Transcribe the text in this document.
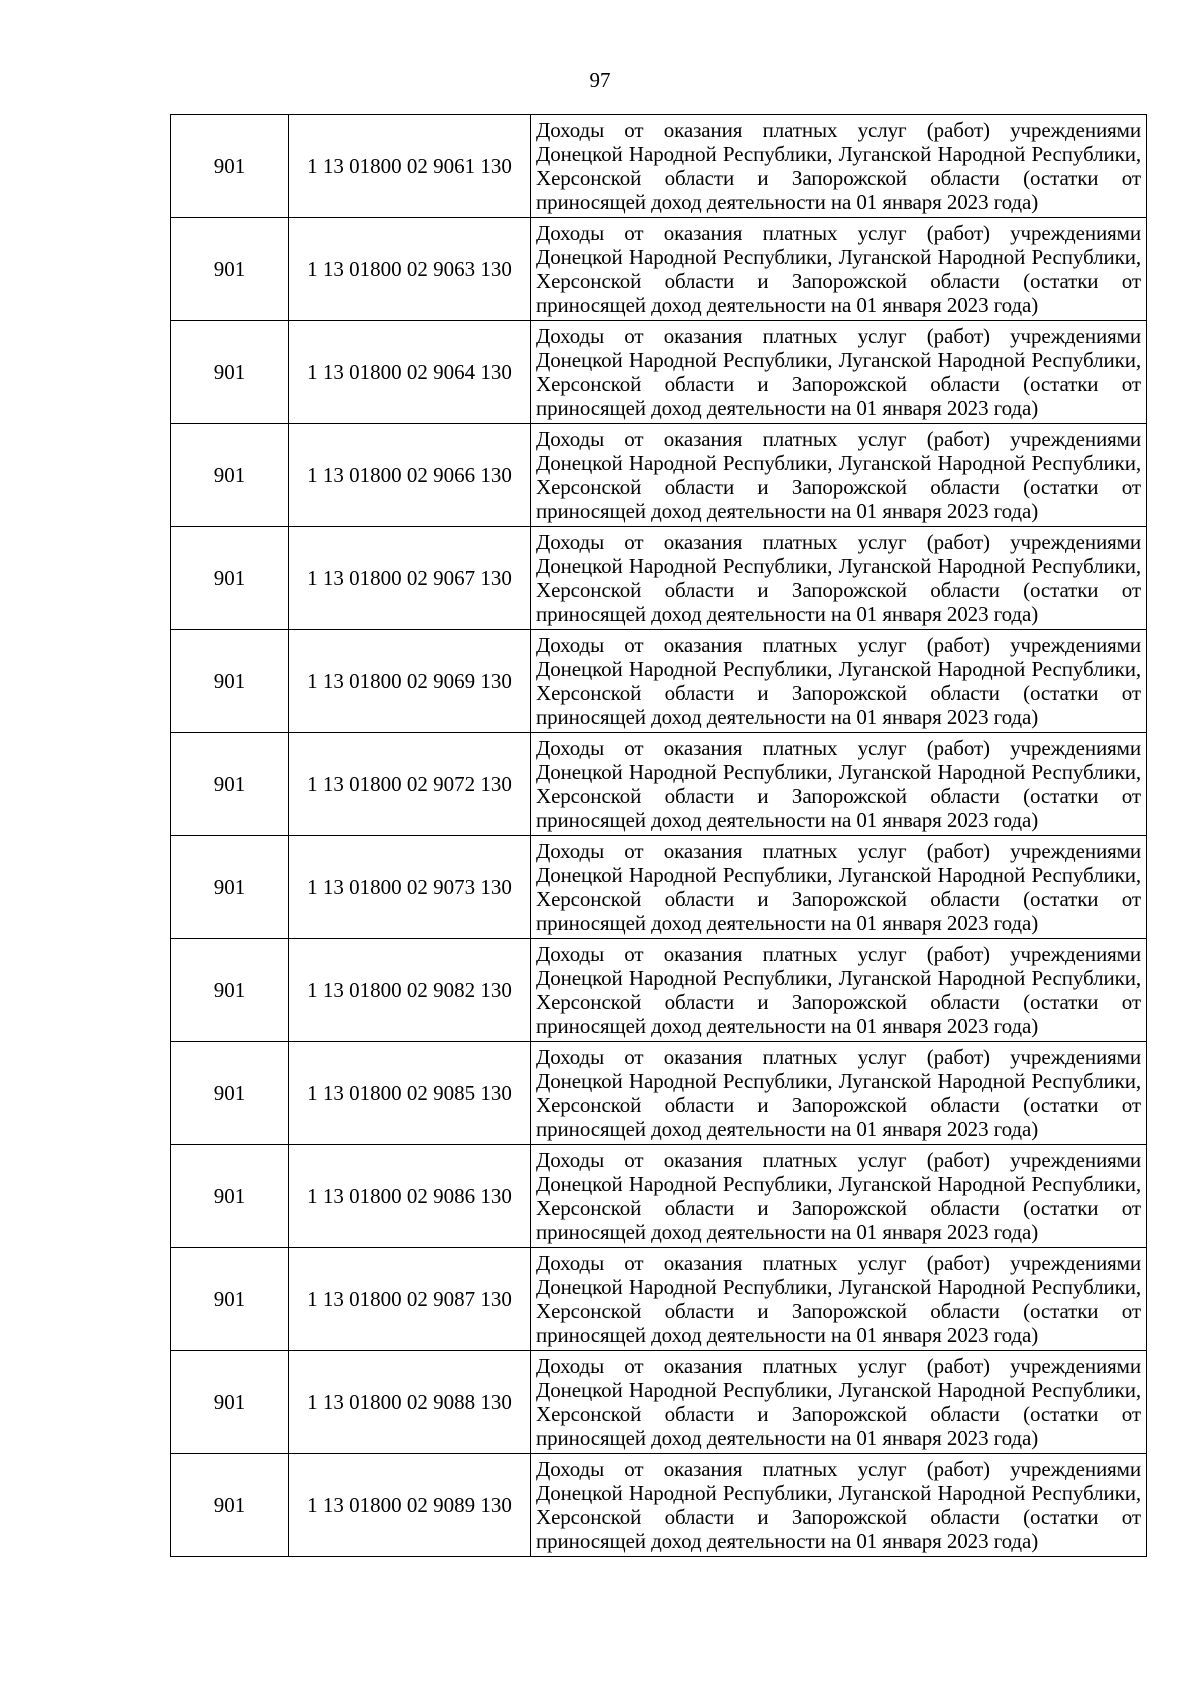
97
901	1 13 01800 02 9061 130	Доходы от оказания платных услуг (работ) учреждениями Донецкой Народной Республики, Луганской Народной Республики, Херсонской области и Запорожской области (остатки от приносящей доход деятельности на 01 января 2023 года)
901	1 13 01800 02 9063 130	Доходы от оказания платных услуг (работ) учреждениями Донецкой Народной Республики, Луганской Народной Республики, Херсонской области и Запорожской области (остатки от приносящей доход деятельности на 01 января 2023 года)
901	1 13 01800 02 9064 130	Доходы от оказания платных услуг (работ) учреждениями Донецкой Народной Республики, Луганской Народной Республики, Херсонской области и Запорожской области (остатки от приносящей доход деятельности на 01 января 2023 года)
901	1 13 01800 02 9066 130	Доходы от оказания платных услуг (работ) учреждениями Донецкой Народной Республики, Луганской Народной Республики, Херсонской области и Запорожской области (остатки от приносящей доход деятельности на 01 января 2023 года)
901	1 13 01800 02 9067 130	Доходы от оказания платных услуг (работ) учреждениями Донецкой Народной Республики, Луганской Народной Республики, Херсонской области и Запорожской области (остатки от приносящей доход деятельности на 01 января 2023 года)
901	1 13 01800 02 9069 130	Доходы от оказания платных услуг (работ) учреждениями Донецкой Народной Республики, Луганской Народной Республики, Херсонской области и Запорожской области (остатки от приносящей доход деятельности на 01 января 2023 года)
901	1 13 01800 02 9072 130	Доходы от оказания платных услуг (работ) учреждениями Донецкой Народной Республики, Луганской Народной Республики, Херсонской области и Запорожской области (остатки от приносящей доход деятельности на 01 января 2023 года)
901	1 13 01800 02 9073 130	Доходы от оказания платных услуг (работ) учреждениями Донецкой Народной Республики, Луганской Народной Республики, Херсонской области и Запорожской области (остатки от приносящей доход деятельности на 01 января 2023 года)
901	1 13 01800 02 9082 130	Доходы от оказания платных услуг (работ) учреждениями Донецкой Народной Республики, Луганской Народной Республики, Херсонской области и Запорожской области (остатки от приносящей доход деятельности на 01 января 2023 года)
901	1 13 01800 02 9085 130	Доходы от оказания платных услуг (работ) учреждениями Донецкой Народной Республики, Луганской Народной Республики, Херсонской области и Запорожской области (остатки от приносящей доход деятельности на 01 января 2023 года)
901	1 13 01800 02 9086 130	Доходы от оказания платных услуг (работ) учреждениями Донецкой Народной Республики, Луганской Народной Республики, Херсонской области и Запорожской области (остатки от приносящей доход деятельности на 01 января 2023 года)
901	1 13 01800 02 9087 130	Доходы от оказания платных услуг (работ) учреждениями Донецкой Народной Республики, Луганской Народной Республики, Херсонской области и Запорожской области (остатки от приносящей доход деятельности на 01 января 2023 года)
901	1 13 01800 02 9088 130	Доходы от оказания платных услуг (работ) учреждениями Донецкой Народной Республики, Луганской Народной Республики, Херсонской области и Запорожской области (остатки от приносящей доход деятельности на 01 января 2023 года)
901	1 13 01800 02 9089 130	Доходы от оказания платных услуг (работ) учреждениями Донецкой Народной Республики, Луганской Народной Республики, Херсонской области и Запорожской области (остатки от приносящей доход деятельности на 01 января 2023 года)
